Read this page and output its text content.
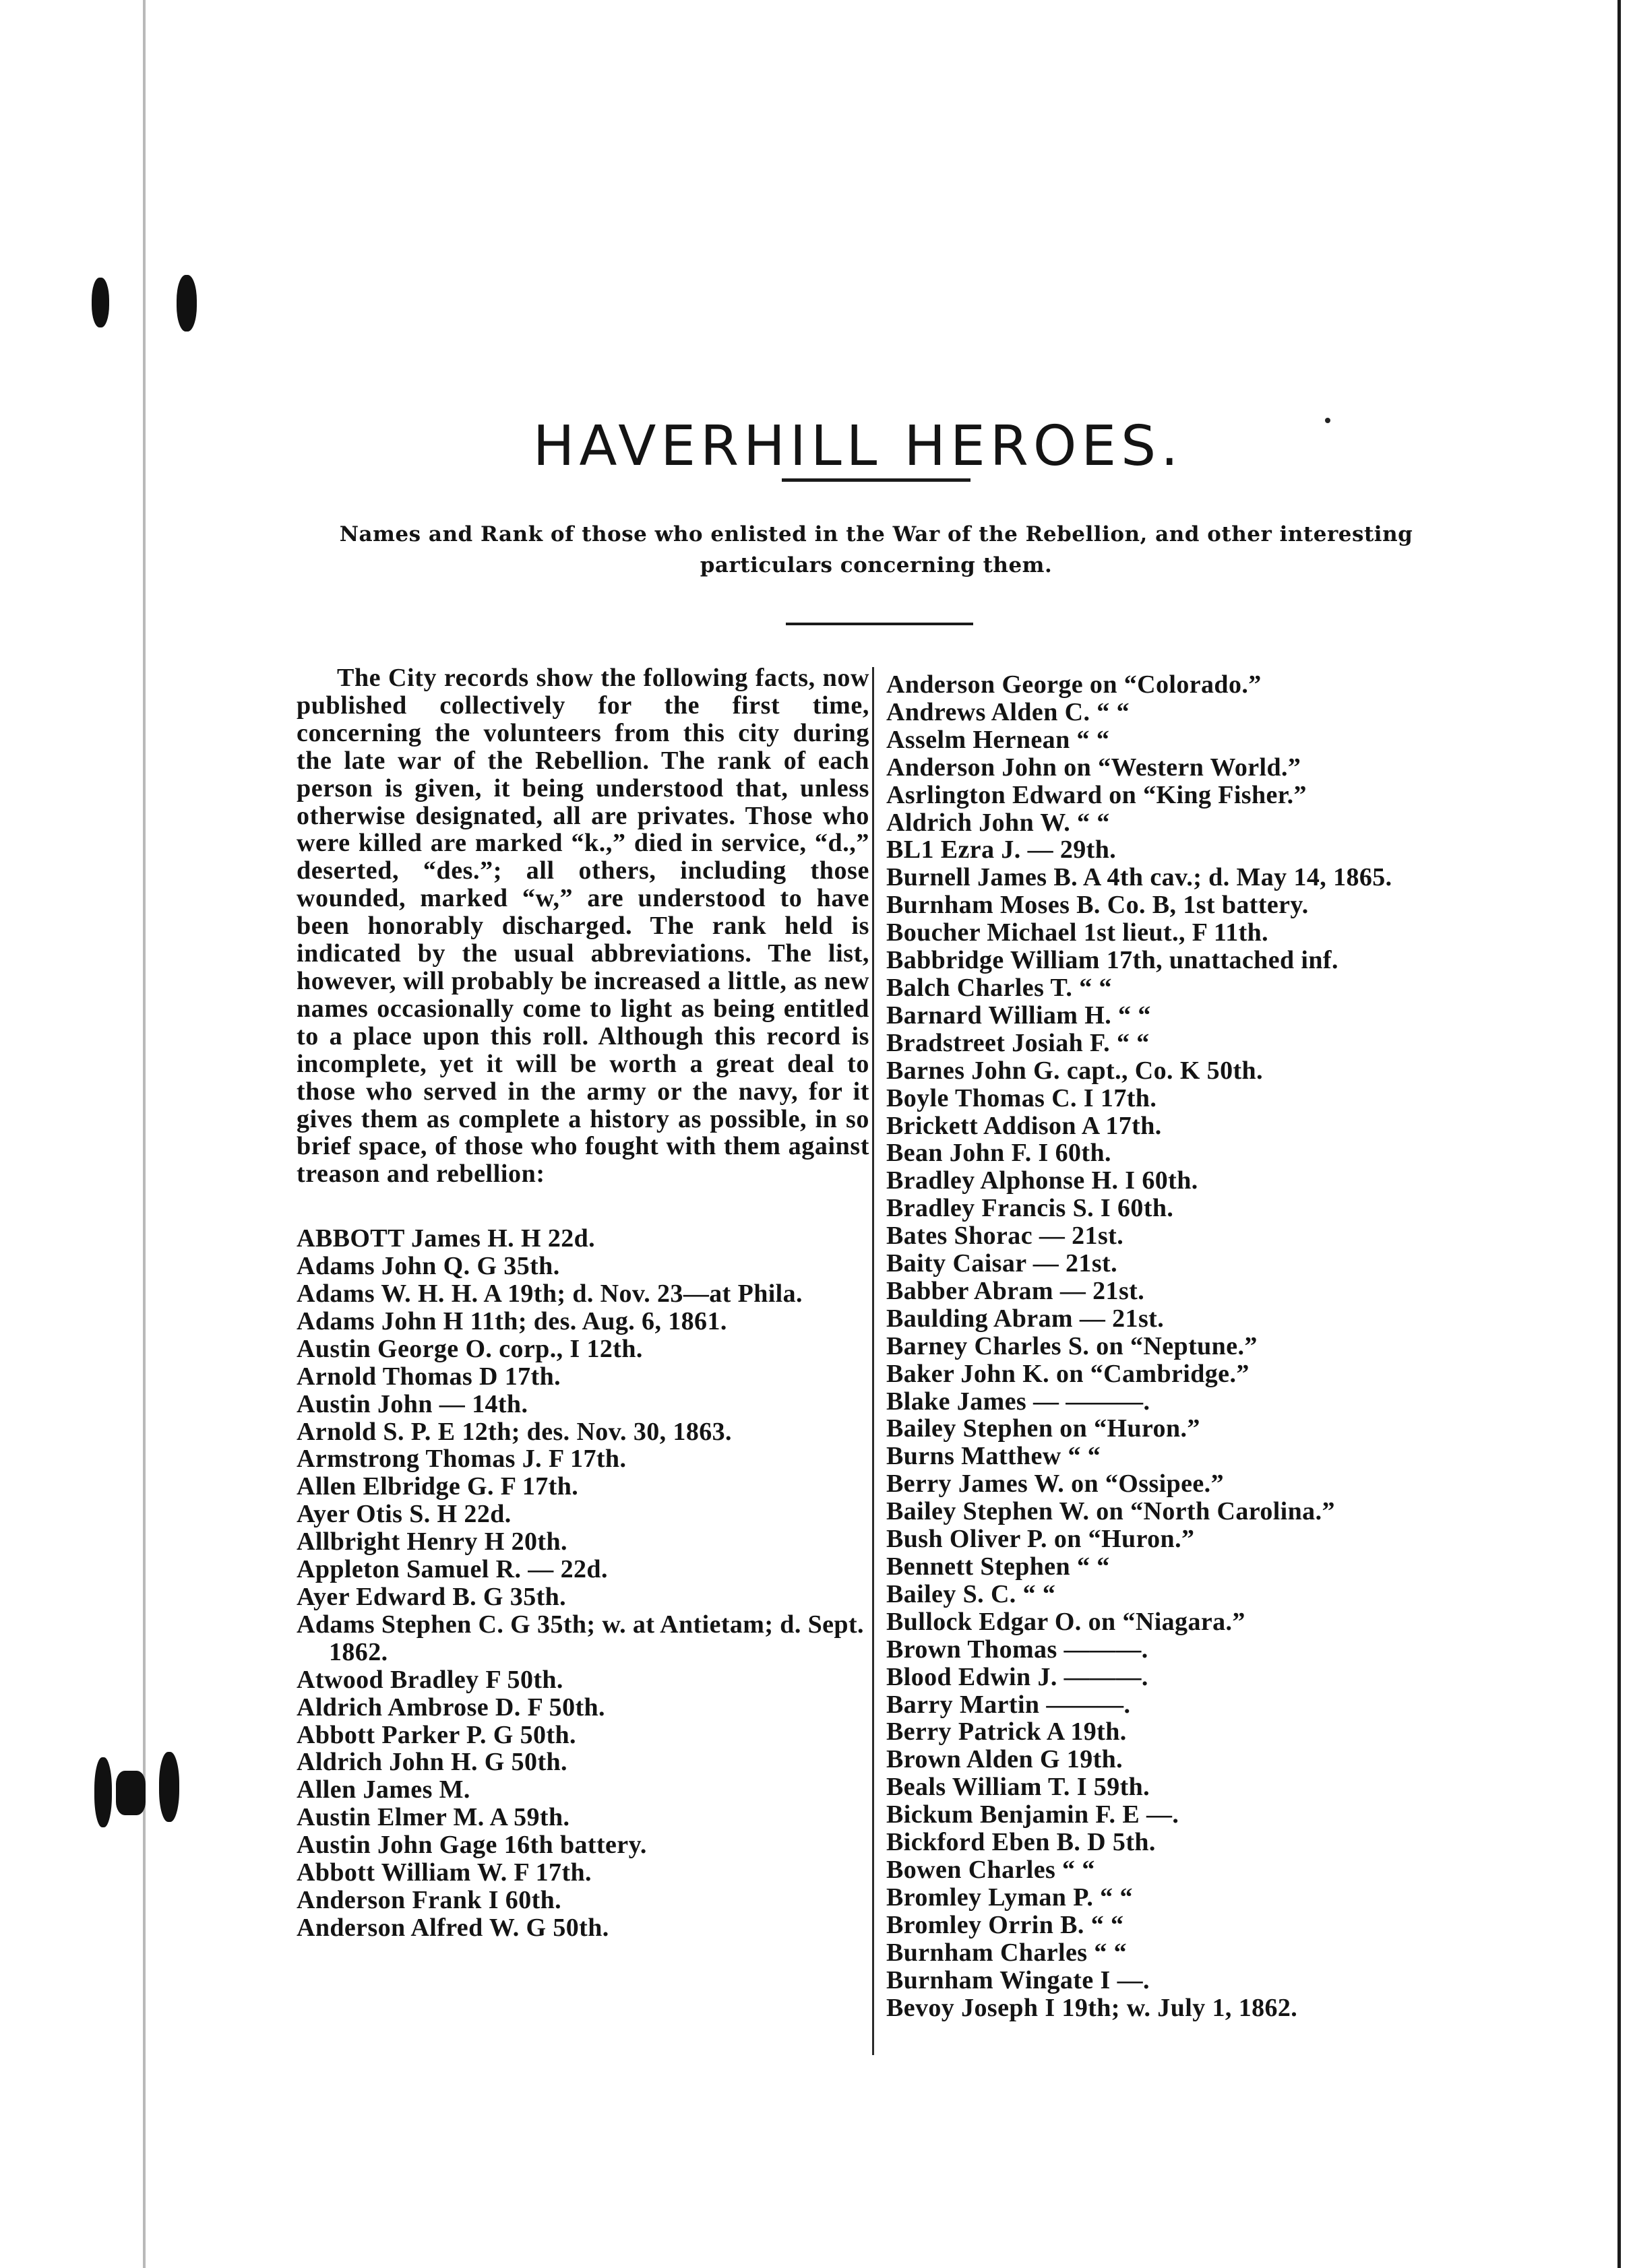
HAVERHILL HEROES.
Names and Rank of those who enlisted in the War of the Rebellion, and other interesting particulars concerning them.

The City records show the following facts, now published collectively for the first time, concerning the volunteers from this city during the late war of the Rebellion. The rank of each person is given, it being understood that, unless otherwise designated, all are privates. Those who were killed are marked “k.,” died in service, “d.,” deserted, “des.”; all others, including those wounded, marked “w,” are understood to have been honorably discharged. The rank held is indicated by the usual abbreviations. The list, however, will probably be increased a little, as new names occasionally come to light as being entitled to a place upon this roll. Although this record is incomplete, yet it will be worth a great deal to those who served in the army or the navy, for it gives them as complete a history as possible, in so brief space, of those who fought with them against treason and rebellion:

ABBOTT James H. H 22d.
Adams John Q. G 35th.
Adams W. H. H. A 19th; d. Nov. 23—at Phila.
Adams John H 11th; des. Aug. 6, 1861.
Austin George O. corp., I 12th.
Arnold Thomas D 17th.
Austin John — 14th.
Arnold S. P. E 12th; des. Nov. 30, 1863.
Armstrong Thomas J. F 17th.
Allen Elbridge G. F 17th.
Ayer Otis S. H 22d.
Allbright Henry H 20th.
Appleton Samuel R. — 22d.
Ayer Edward B. G 35th.
Adams Stephen C. G 35th; w. at Antietam; d. Sept. 1862.
Atwood Bradley F 50th.
Aldrich Ambrose D. F 50th.
Abbott Parker P. G 50th.
Aldrich John H. G 50th.
Allen James M.
Austin Elmer M. A 59th.
Austin John Gage 16th battery.
Abbott William W. F 17th.
Anderson Frank I 60th.
Anderson Alfred W. G 50th.
Anderson George on “Colorado.”
Andrews Alden C. “ “
Asselm Hernean “ “
Anderson John on “Western World.”
Asrlington Edward on “King Fisher.”
Aldrich John W. “ “
BL1 Ezra J. — 29th.
Burnell James B. A 4th cav.; d. May 14, 1865.
Burnham Moses B. Co. B, 1st battery.
Boucher Michael 1st lieut., F 11th.
Babbridge William 17th, unattached inf.
Balch Charles T. “ “
Barnard William H. “ “
Bradstreet Josiah F. “ “
Barnes John G. capt., Co. K 50th.
Boyle Thomas C. I 17th.
Brickett Addison A 17th.
Bean John F. I 60th.
Bradley Alphonse H. I 60th.
Bradley Francis S. I 60th.
Bates Shorac — 21st.
Baity Caisar — 21st.
Babber Abram — 21st.
Baulding Abram — 21st.
Barney Charles S. on “Neptune.”
Baker John K. on “Cambridge.”
Blake James — ———.
Bailey Stephen on “Huron.”
Burns Matthew “ “
Berry James W. on “Ossipee.”
Bailey Stephen W. on “North Carolina.”
Bush Oliver P. on “Huron.”
Bennett Stephen “ “
Bailey S. C. “ “
Bullock Edgar O. on “Niagara.”
Brown Thomas ———.
Blood Edwin J. ———.
Barry Martin ———.
Berry Patrick A 19th.
Brown Alden G 19th.
Beals William T. I 59th.
Bickum Benjamin F. E —.
Bickford Eben B. D 5th.
Bowen Charles “ “
Bromley Lyman P. “ “
Bromley Orrin B. “ “
Burnham Charles “ “
Burnham Wingate I —.
Bevoy Joseph I 19th; w. July 1, 1862.
